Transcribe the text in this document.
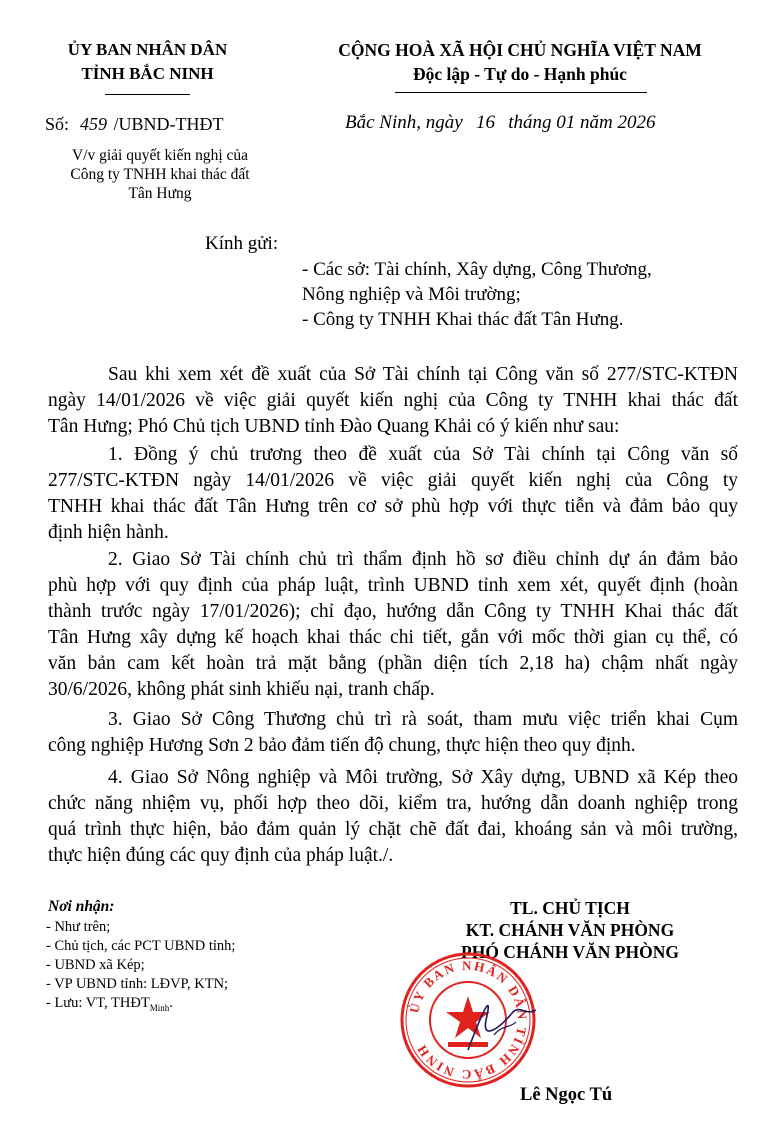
ỦY BAN NHÂN DÂN
TỈNH BẮC NINH
CỘNG HOÀ XÃ HỘI CHỦ NGHĨA VIỆT NAM
Độc lập - Tự do - Hạnh phúc
Số: 459 /UBND-THĐT	Bắc Ninh, ngày 16 tháng 01 năm 2026
V/v giải quyết kiến nghị của
Công ty TNHH khai thác đất
Tân Hưng
Kính gửi:
- Các sở: Tài chính, Xây dựng, Công Thương,
Nông nghiệp và Môi trường;
- Công ty TNHH Khai thác đất Tân Hưng.
Sau khi xem xét đề xuất của Sở Tài chính tại Công văn số 277/STC-KTĐN
ngày 14/01/2026 về việc giải quyết kiến nghị của Công ty TNHH khai thác đất
Tân Hưng; Phó Chủ tịch UBND tỉnh Đào Quang Khải có ý kiến như sau:
1. Đồng ý chủ trương theo đề xuất của Sở Tài chính tại Công văn số
277/STC-KTĐN ngày 14/01/2026 về việc giải quyết kiến nghị của Công ty
TNHH khai thác đất Tân Hưng trên cơ sở phù hợp với thực tiễn và đảm bảo quy
định hiện hành.
2. Giao Sở Tài chính chủ trì thẩm định hồ sơ điều chỉnh dự án đảm bảo
phù hợp với quy định của pháp luật, trình UBND tỉnh xem xét, quyết định (hoàn
thành trước ngày 17/01/2026); chỉ đạo, hướng dẫn Công ty TNHH Khai thác đất
Tân Hưng xây dựng kế hoạch khai thác chi tiết, gắn với mốc thời gian cụ thể, có
văn bản cam kết hoàn trả mặt bằng (phần diện tích 2,18 ha) chậm nhất ngày
30/6/2026, không phát sinh khiếu nại, tranh chấp.
3. Giao Sở Công Thương chủ trì rà soát, tham mưu việc triển khai Cụm
công nghiệp Hương Sơn 2 bảo đảm tiến độ chung, thực hiện theo quy định.
4. Giao Sở Nông nghiệp và Môi trường, Sở Xây dựng, UBND xã Kép theo
chức năng nhiệm vụ, phối hợp theo dõi, kiểm tra, hướng dẫn doanh nghiệp trong
quá trình thực hiện, bảo đảm quản lý chặt chẽ đất đai, khoáng sản và môi trường,
thực hiện đúng các quy định của pháp luật./.
Nơi nhận:
- Như trên;
- Chủ tịch, các PCT UBND tỉnh;
- UBND xã Kép;
- VP UBND tỉnh: LĐVP, KTN;
- Lưu: VT, $THĐT_{Minh}$.
TL. CHỦ TỊCH
KT. CHÁNH VĂN PHÒNG
PHÓ CHÁNH VĂN PHÒNG
ỦY BAN NHÂN DÂN TỈNH BẮC NINH
Lê Ngọc Tú
